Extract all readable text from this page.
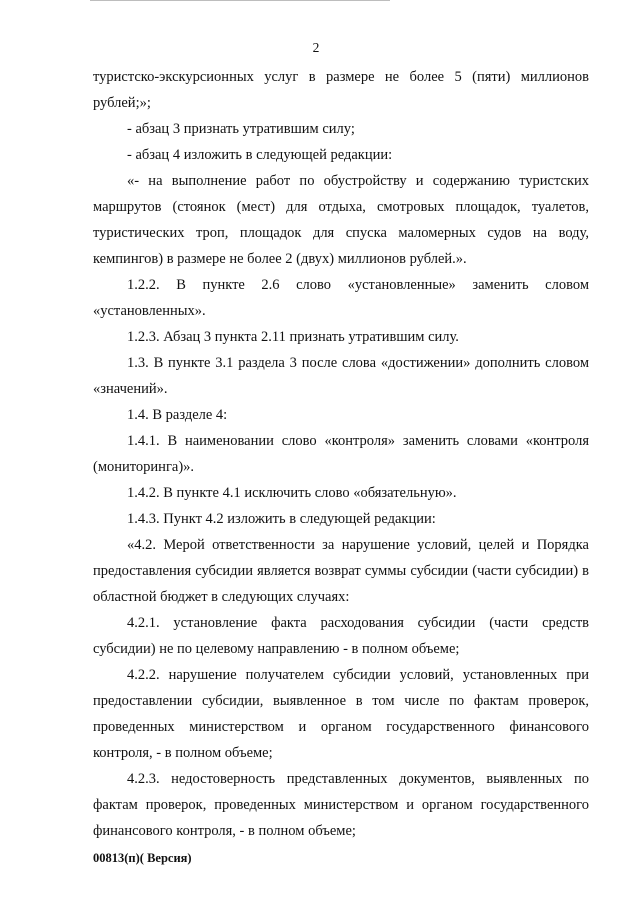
2

туристско-экскурсионных услуг в размере не более 5 (пяти) миллионов рублей;»;

- абзац 3 признать утратившим силу;

- абзац 4 изложить в следующей редакции:

«- на выполнение работ по обустройству и содержанию туристских маршрутов (стоянок (мест) для отдыха, смотровых площадок, туалетов, туристических троп, площадок для спуска маломерных судов на воду, кемпингов) в размере не более 2 (двух) миллионов рублей.».

1.2.2. В пункте 2.6 слово «установленные» заменить словом «установленных».

1.2.3. Абзац 3 пункта 2.11 признать утратившим силу.

1.3. В пункте 3.1 раздела 3 после слова «достижении» дополнить словом «значений».

1.4. В разделе 4:

1.4.1. В наименовании слово «контроля» заменить словами «контроля (мониторинга)».

1.4.2. В пункте 4.1 исключить слово «обязательную».

1.4.3. Пункт 4.2 изложить в следующей редакции:

«4.2. Мерой ответственности за нарушение условий, целей и Порядка предоставления субсидии является возврат суммы субсидии (части субсидии) в областной бюджет в следующих случаях:

4.2.1. установление факта расходования субсидии (части средств субсидии) не по целевому направлению - в полном объеме;

4.2.2. нарушение получателем субсидии условий, установленных при предоставлении субсидии, выявленное в том числе по фактам проверок, проведенных министерством и органом государственного финансового контроля, - в полном объеме;

4.2.3. недостоверность представленных документов, выявленных по фактам проверок, проведенных министерством и органом государственного финансового контроля, - в полном объеме;

00813(п)( Версия)
